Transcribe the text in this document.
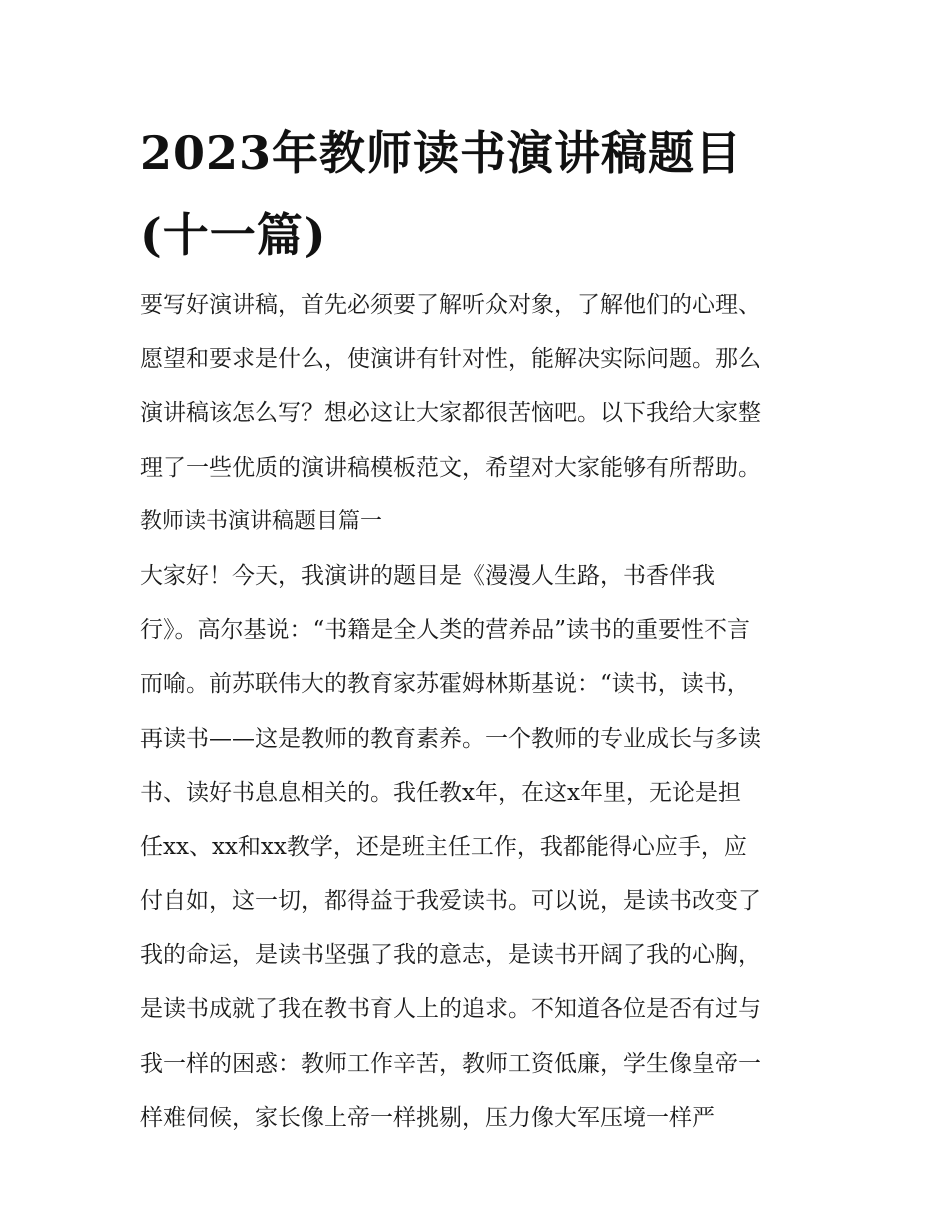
2023年教师读书演讲稿题目
(十一篇)
要写好演讲稿，首先必须要了解听众对象，了解他们的心理、
愿望和要求是什么，使演讲有针对性，能解决实际问题。那么
演讲稿该怎么写？想必这让大家都很苦恼吧。以下我给大家整
理了一些优质的演讲稿模板范文，希望对大家能够有所帮助。
教师读书演讲稿题目篇一
大家好！今天，我演讲的题目是《漫漫人生路，书香伴我
行》。高尔基说：“书籍是全人类的营养品”读书的重要性不言
而喻。前苏联伟大的教育家苏霍姆林斯基说：“读书，读书，
再读书——这是教师的教育素养。一个教师的专业成长与多读
书、读好书息息相关的。我任教x年，在这x年里，无论是担
任xx、xx和xx教学，还是班主任工作，我都能得心应手，应
付自如，这一切，都得益于我爱读书。可以说，是读书改变了
我的命运，是读书坚强了我的意志，是读书开阔了我的心胸，
是读书成就了我在教书育人上的追求。不知道各位是否有过与
我一样的困惑：教师工作辛苦，教师工资低廉，学生像皇帝一
样难伺候，家长像上帝一样挑剔，压力像大军压境一样严
